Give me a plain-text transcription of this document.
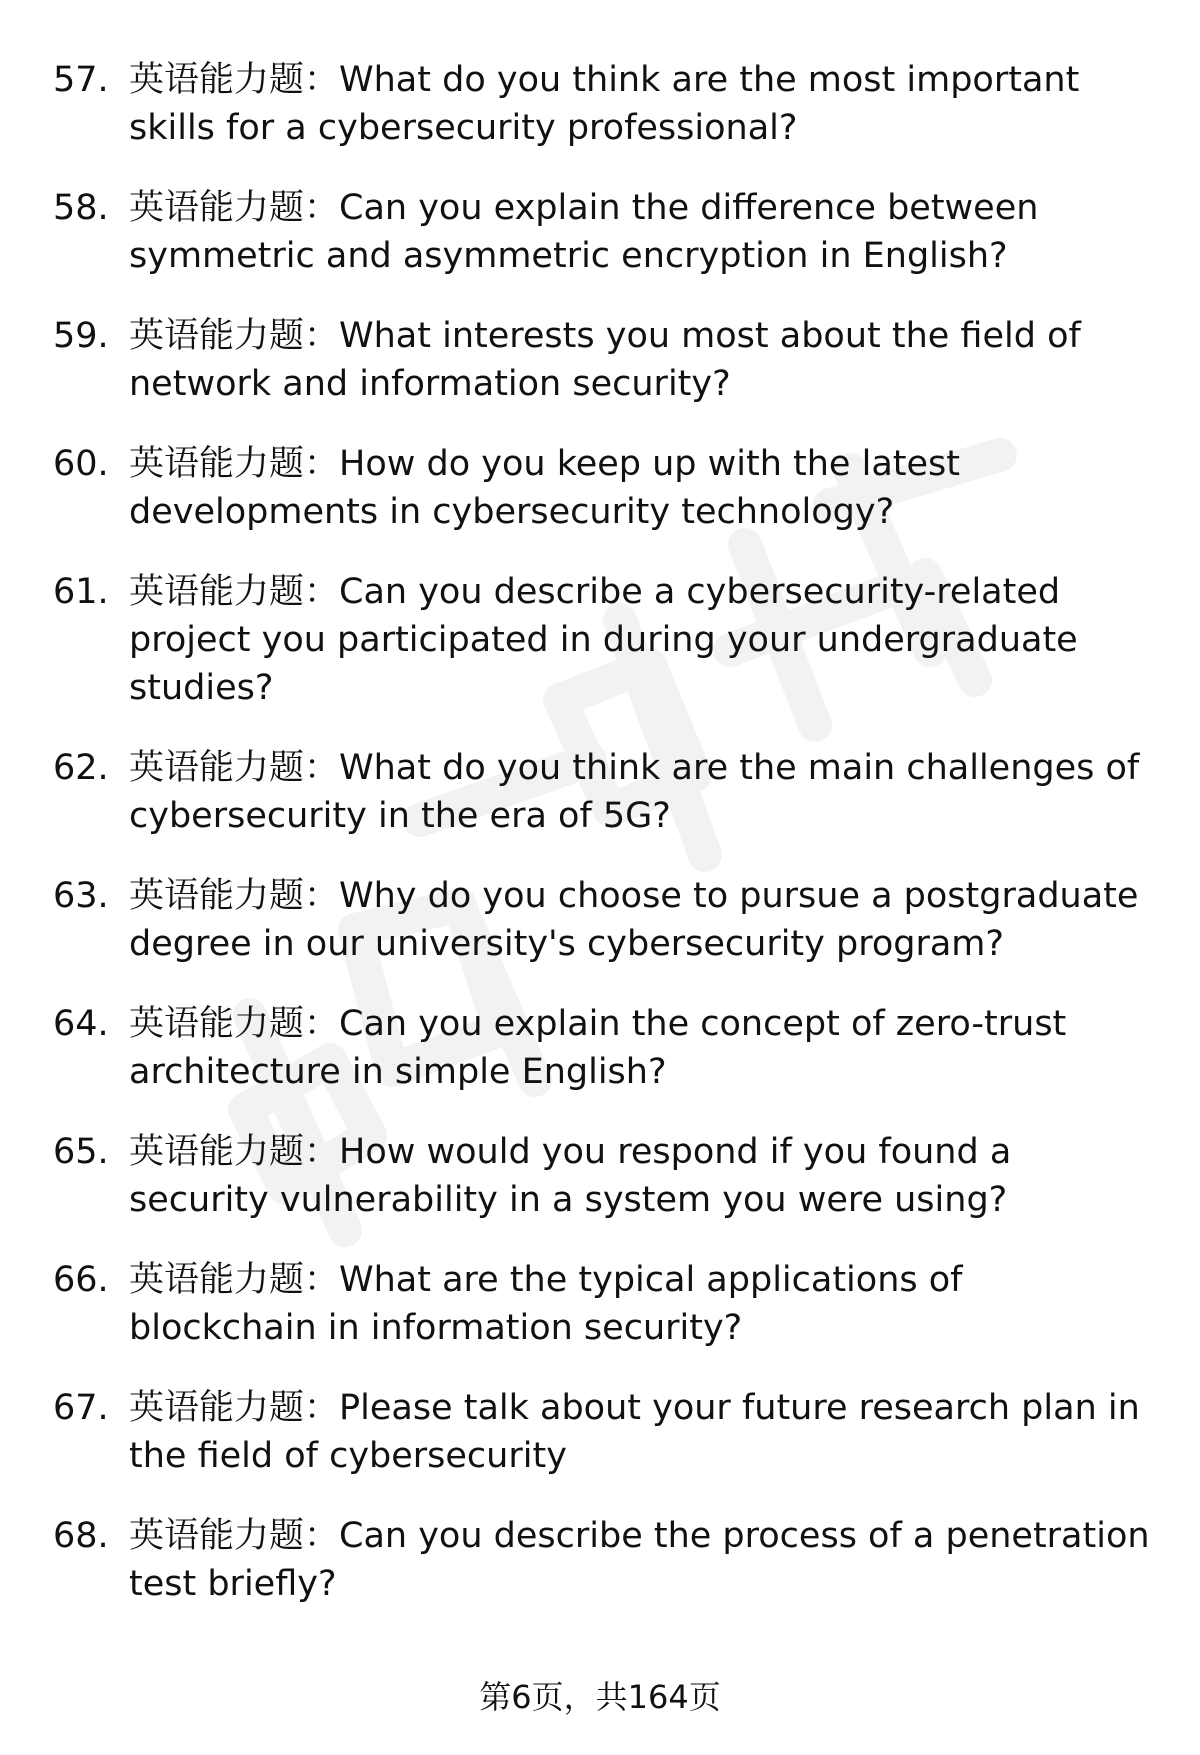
57. 英语能力题：What do you think are the most important skills for a cybersecurity professional?
58. 英语能力题：Can you explain the difference between symmetric and asymmetric encryption in English?
59. 英语能力题：What interests you most about the field of network and information security?
60. 英语能力题：How do you keep up with the latest developments in cybersecurity technology?
61. 英语能力题：Can you describe a cybersecurity-related project you participated in during your undergraduate studies?
62. 英语能力题：What do you think are the main challenges of cybersecurity in the era of 5G?
63. 英语能力题：Why do you choose to pursue a postgraduate degree in our university's cybersecurity program?
64. 英语能力题：Can you explain the concept of zero-trust architecture in simple English?
65. 英语能力题：How would you respond if you found a security vulnerability in a system you were using?
66. 英语能力题：What are the typical applications of blockchain in information security?
67. 英语能力题：Please talk about your future research plan in the field of cybersecurity
68. 英语能力题：Can you describe the process of a penetration test briefly?
第6页，共164页
